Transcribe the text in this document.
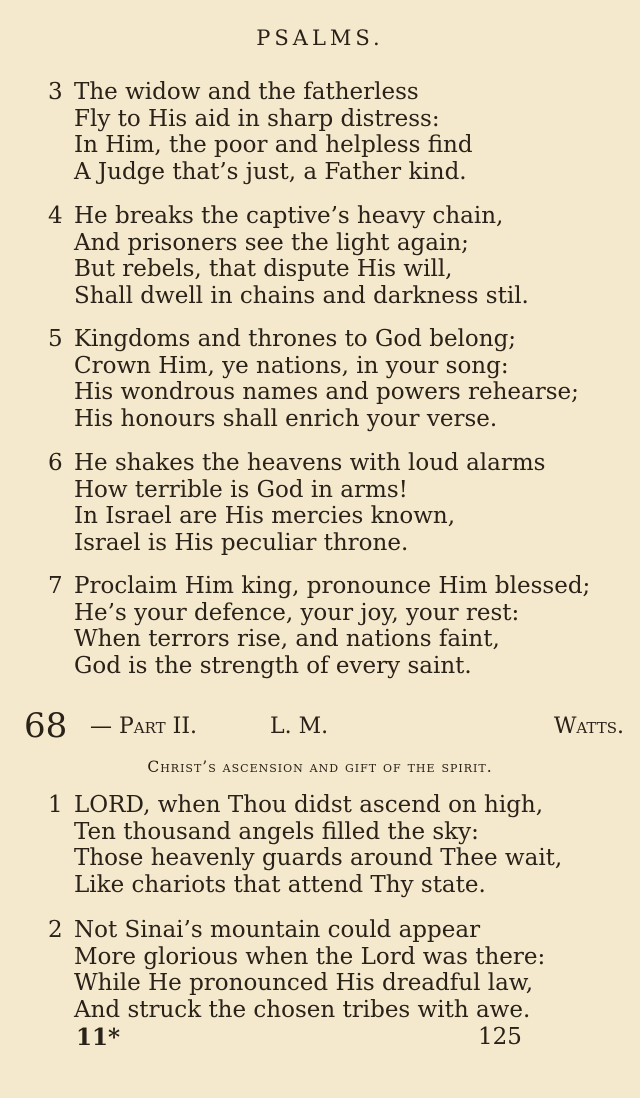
PSALMS.
3 The widow and the fatherless
Fly to His aid in sharp distress:
In Him, the poor and helpless find
A Judge that’s just, a Father kind.
4 He breaks the captive’s heavy chain,
And prisoners see the light again;
But rebels, that dispute His will,
Shall dwell in chains and darkness stil.
5 Kingdoms and thrones to God belong;
Crown Him, ye nations, in your song:
His wondrous names and powers rehearse;
His honours shall enrich your verse.
6 He shakes the heavens with loud alarms
How terrible is God in arms!
In Israel are His mercies known,
Israel is His peculiar throne.
7 Proclaim Him king, pronounce Him blessed;
He’s your defence, your joy, your rest:
When terrors rise, and nations faint,
God is the strength of every saint.
68 — Part II.	L. M.	Watts.
Christ’s ascension and gift of the spirit.
1 LORD, when Thou didst ascend on high,
Ten thousand angels filled the sky:
Those heavenly guards around Thee wait,
Like chariots that attend Thy state.
2 Not Sinai’s mountain could appear
More glorious when the Lord was there:
While He pronounced His dreadful law,
And struck the chosen tribes with awe.
11*	125
